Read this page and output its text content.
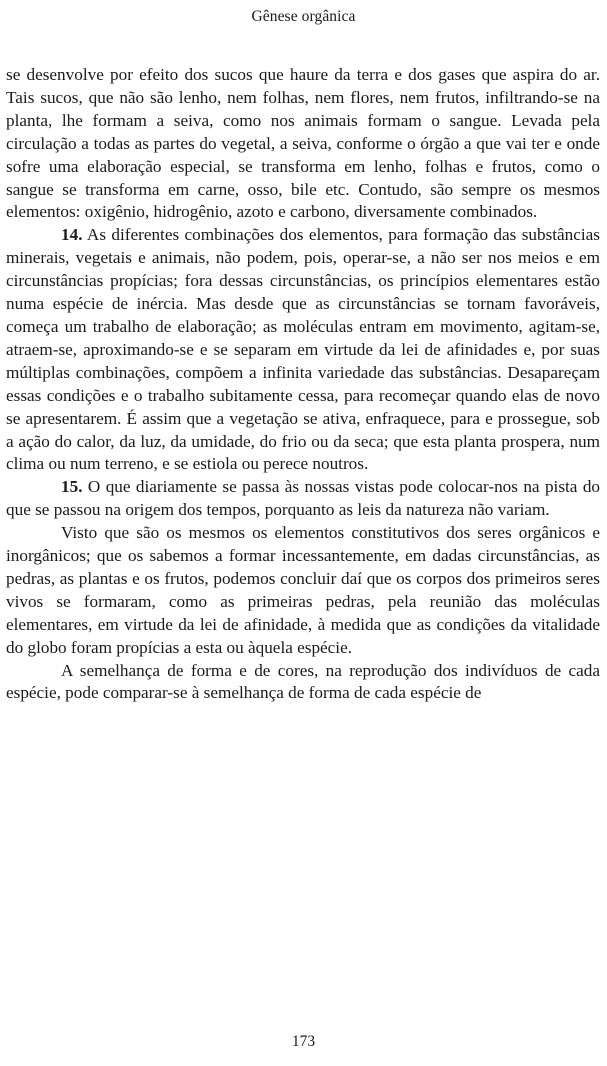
Gênese orgânica

se desenvolve por efeito dos sucos que haure da terra e dos gases que aspira do ar. Tais sucos, que não são lenho, nem folhas, nem flores, nem frutos, infiltrando-se na planta, lhe formam a seiva, como nos animais formam o sangue. Levada pela circulação a todas as partes do vegetal, a seiva, conforme o órgão a que vai ter e onde sofre uma elaboração especial, se transforma em lenho, folhas e frutos, como o sangue se transforma em carne, osso, bile etc. Contudo, são sempre os mesmos elementos: oxigênio, hidrogênio, azoto e carbono, diversamente combinados.

14. As diferentes combinações dos elementos, para formação das substâncias minerais, vegetais e animais, não podem, pois, operar-se, a não ser nos meios e em circunstâncias propícias; fora dessas circunstâncias, os princípios elementares estão numa espécie de inércia. Mas desde que as circunstâncias se tornam favoráveis, começa um trabalho de elaboração; as moléculas entram em movimento, agitam-se, atraem-se, aproximando-se e se separam em virtude da lei de afinidades e, por suas múltiplas combinações, compõem a infinita variedade das substâncias. Desapareçam essas condições e o trabalho subitamente cessa, para recomeçar quando elas de novo se apresentarem. É assim que a vegetação se ativa, enfraquece, para e prossegue, sob a ação do calor, da luz, da umidade, do frio ou da seca; que esta planta prospera, num clima ou num terreno, e se estiola ou perece noutros.

15. O que diariamente se passa às nossas vistas pode colocar-nos na pista do que se passou na origem dos tempos, porquanto as leis da natureza não variam.

Visto que são os mesmos os elementos constitutivos dos seres orgânicos e inorgânicos; que os sabemos a formar incessantemente, em dadas circunstâncias, as pedras, as plantas e os frutos, podemos concluir daí que os corpos dos primeiros seres vivos se formaram, como as primeiras pedras, pela reunião das moléculas elementares, em virtude da lei de afinidade, à medida que as condições da vitalidade do globo foram propícias a esta ou àquela espécie.

A semelhança de forma e de cores, na reprodução dos indivíduos de cada espécie, pode comparar-se à semelhança de forma de cada espécie de

173
